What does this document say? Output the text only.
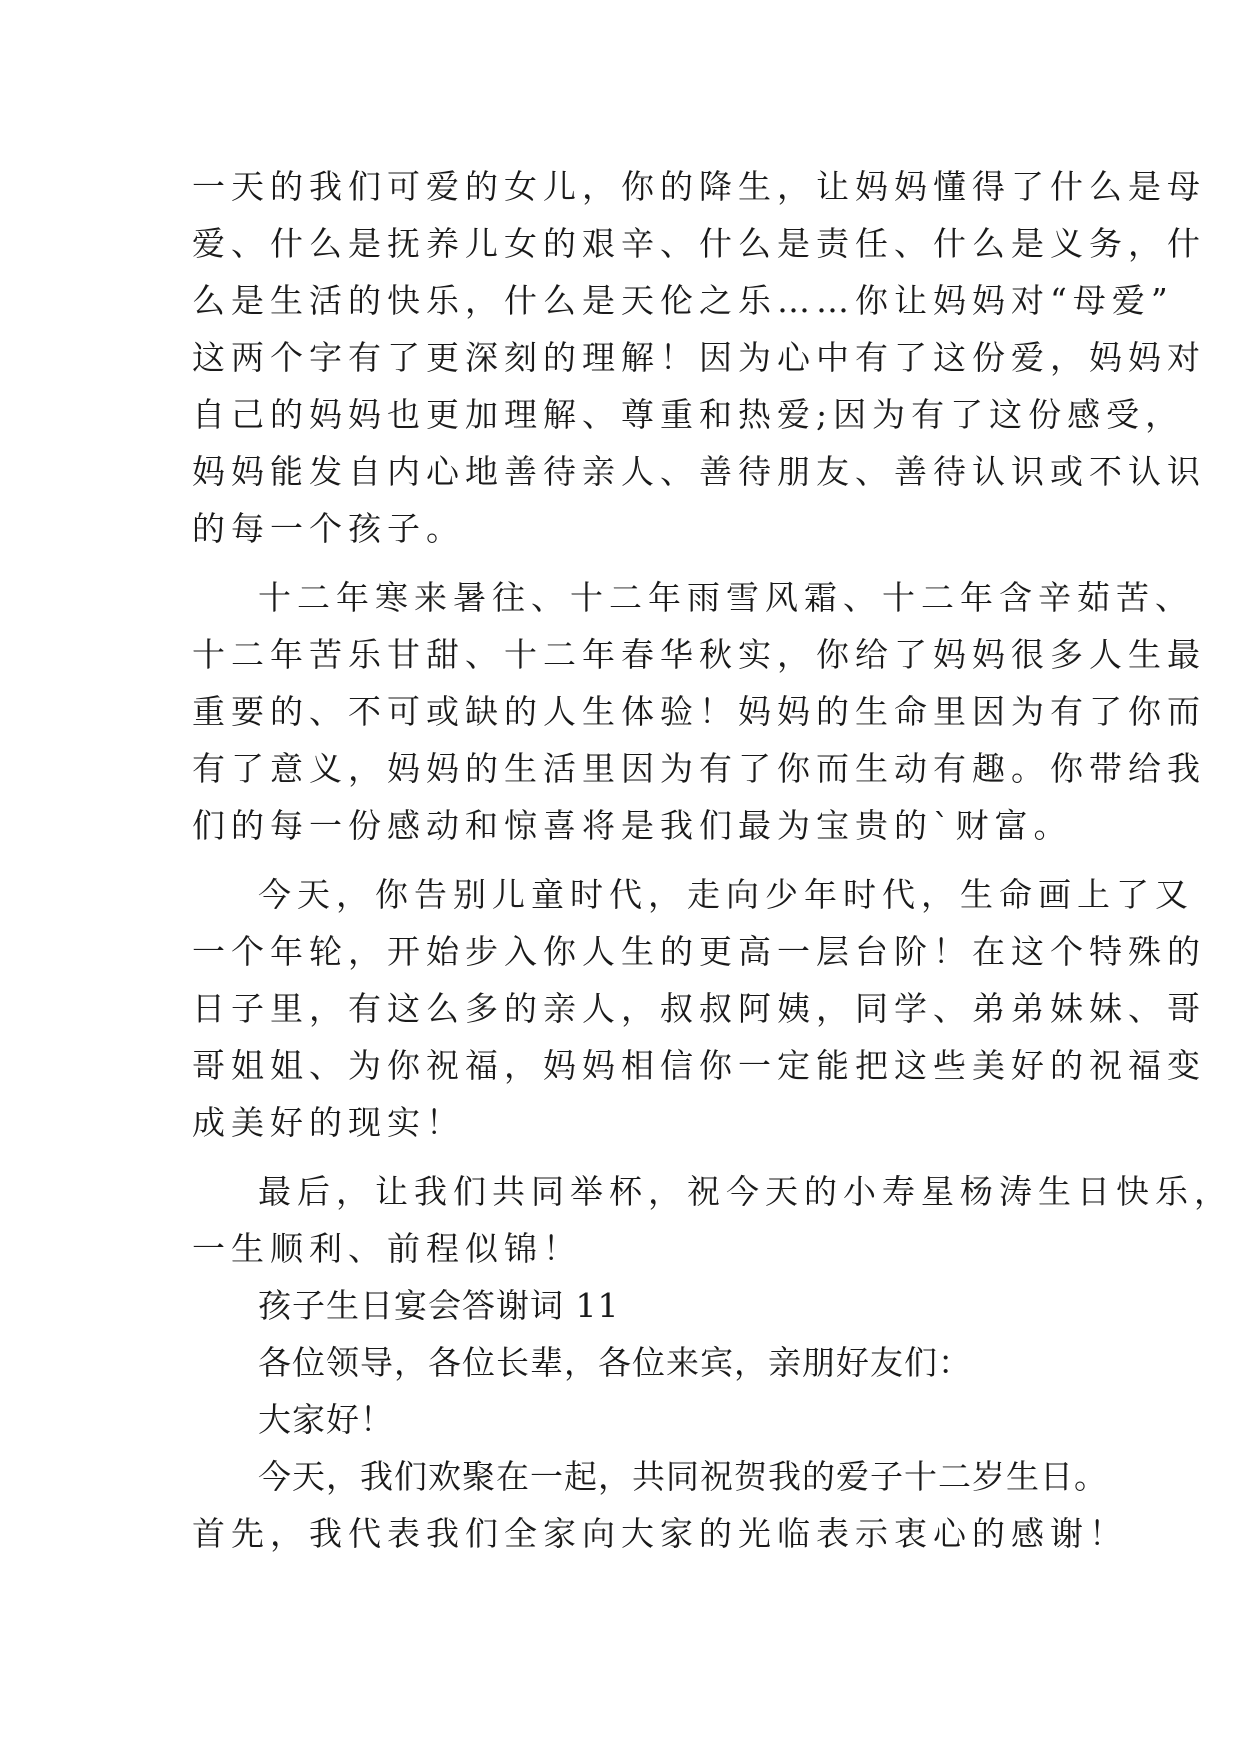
一天的我们可爱的女儿，你的降生，让妈妈懂得了什么是母
爱、什么是抚养儿女的艰辛、什么是责任、什么是义务，什
么是生活的快乐，什么是天伦之乐……你让妈妈对“母爱”
这两个字有了更深刻的理解！因为心中有了这份爱，妈妈对
自己的妈妈也更加理解、尊重和热爱;因为有了这份感受，
妈妈能发自内心地善待亲人、善待朋友、善待认识或不认识
的每一个孩子。
十二年寒来暑往、十二年雨雪风霜、十二年含辛茹苦、
十二年苦乐甘甜、十二年春华秋实，你给了妈妈很多人生最
重要的、不可或缺的人生体验！妈妈的生命里因为有了你而
有了意义，妈妈的生活里因为有了你而生动有趣。你带给我
们的每一份感动和惊喜将是我们最为宝贵的`财富。
今天，你告别儿童时代，走向少年时代，生命画上了又
一个年轮，开始步入你人生的更高一层台阶！在这个特殊的
日子里，有这么多的亲人，叔叔阿姨，同学、弟弟妹妹、哥
哥姐姐、为你祝福，妈妈相信你一定能把这些美好的祝福变
成美好的现实！
最后，让我们共同举杯，祝今天的小寿星杨涛生日快乐，
一生顺利、前程似锦！
孩子生日宴会答谢词 11
各位领导，各位长辈，各位来宾，亲朋好友们：
大家好！
今天，我们欢聚在一起，共同祝贺我的爱子十二岁生日。
首先，我代表我们全家向大家的光临表示衷心的感谢！
